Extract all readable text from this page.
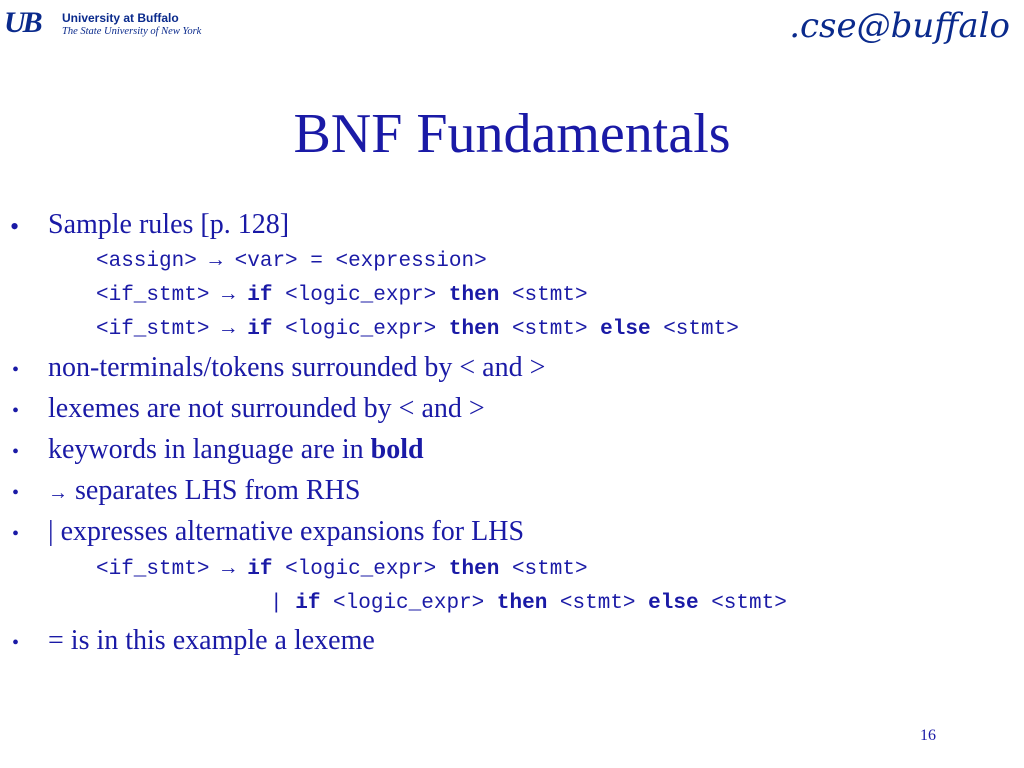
UB University at Buffalo
The State University of New York	.cse@buffalo
BNF Fundamentals
• Sample rules [p. 128]
<assign> → <var> = <expression>
<if_stmt> → if <logic_expr> then <stmt>
<if_stmt> → if <logic_expr> then <stmt> else <stmt>
• non-terminals/tokens surrounded by < and >
• lexemes are not surrounded by < and >
• keywords in language are in bold
• → separates LHS from RHS
• | expresses alternative expansions for LHS
<if_stmt> → if <logic_expr> then <stmt>
| if <logic_expr> then <stmt> else <stmt>
• = is in this example a lexeme
16
